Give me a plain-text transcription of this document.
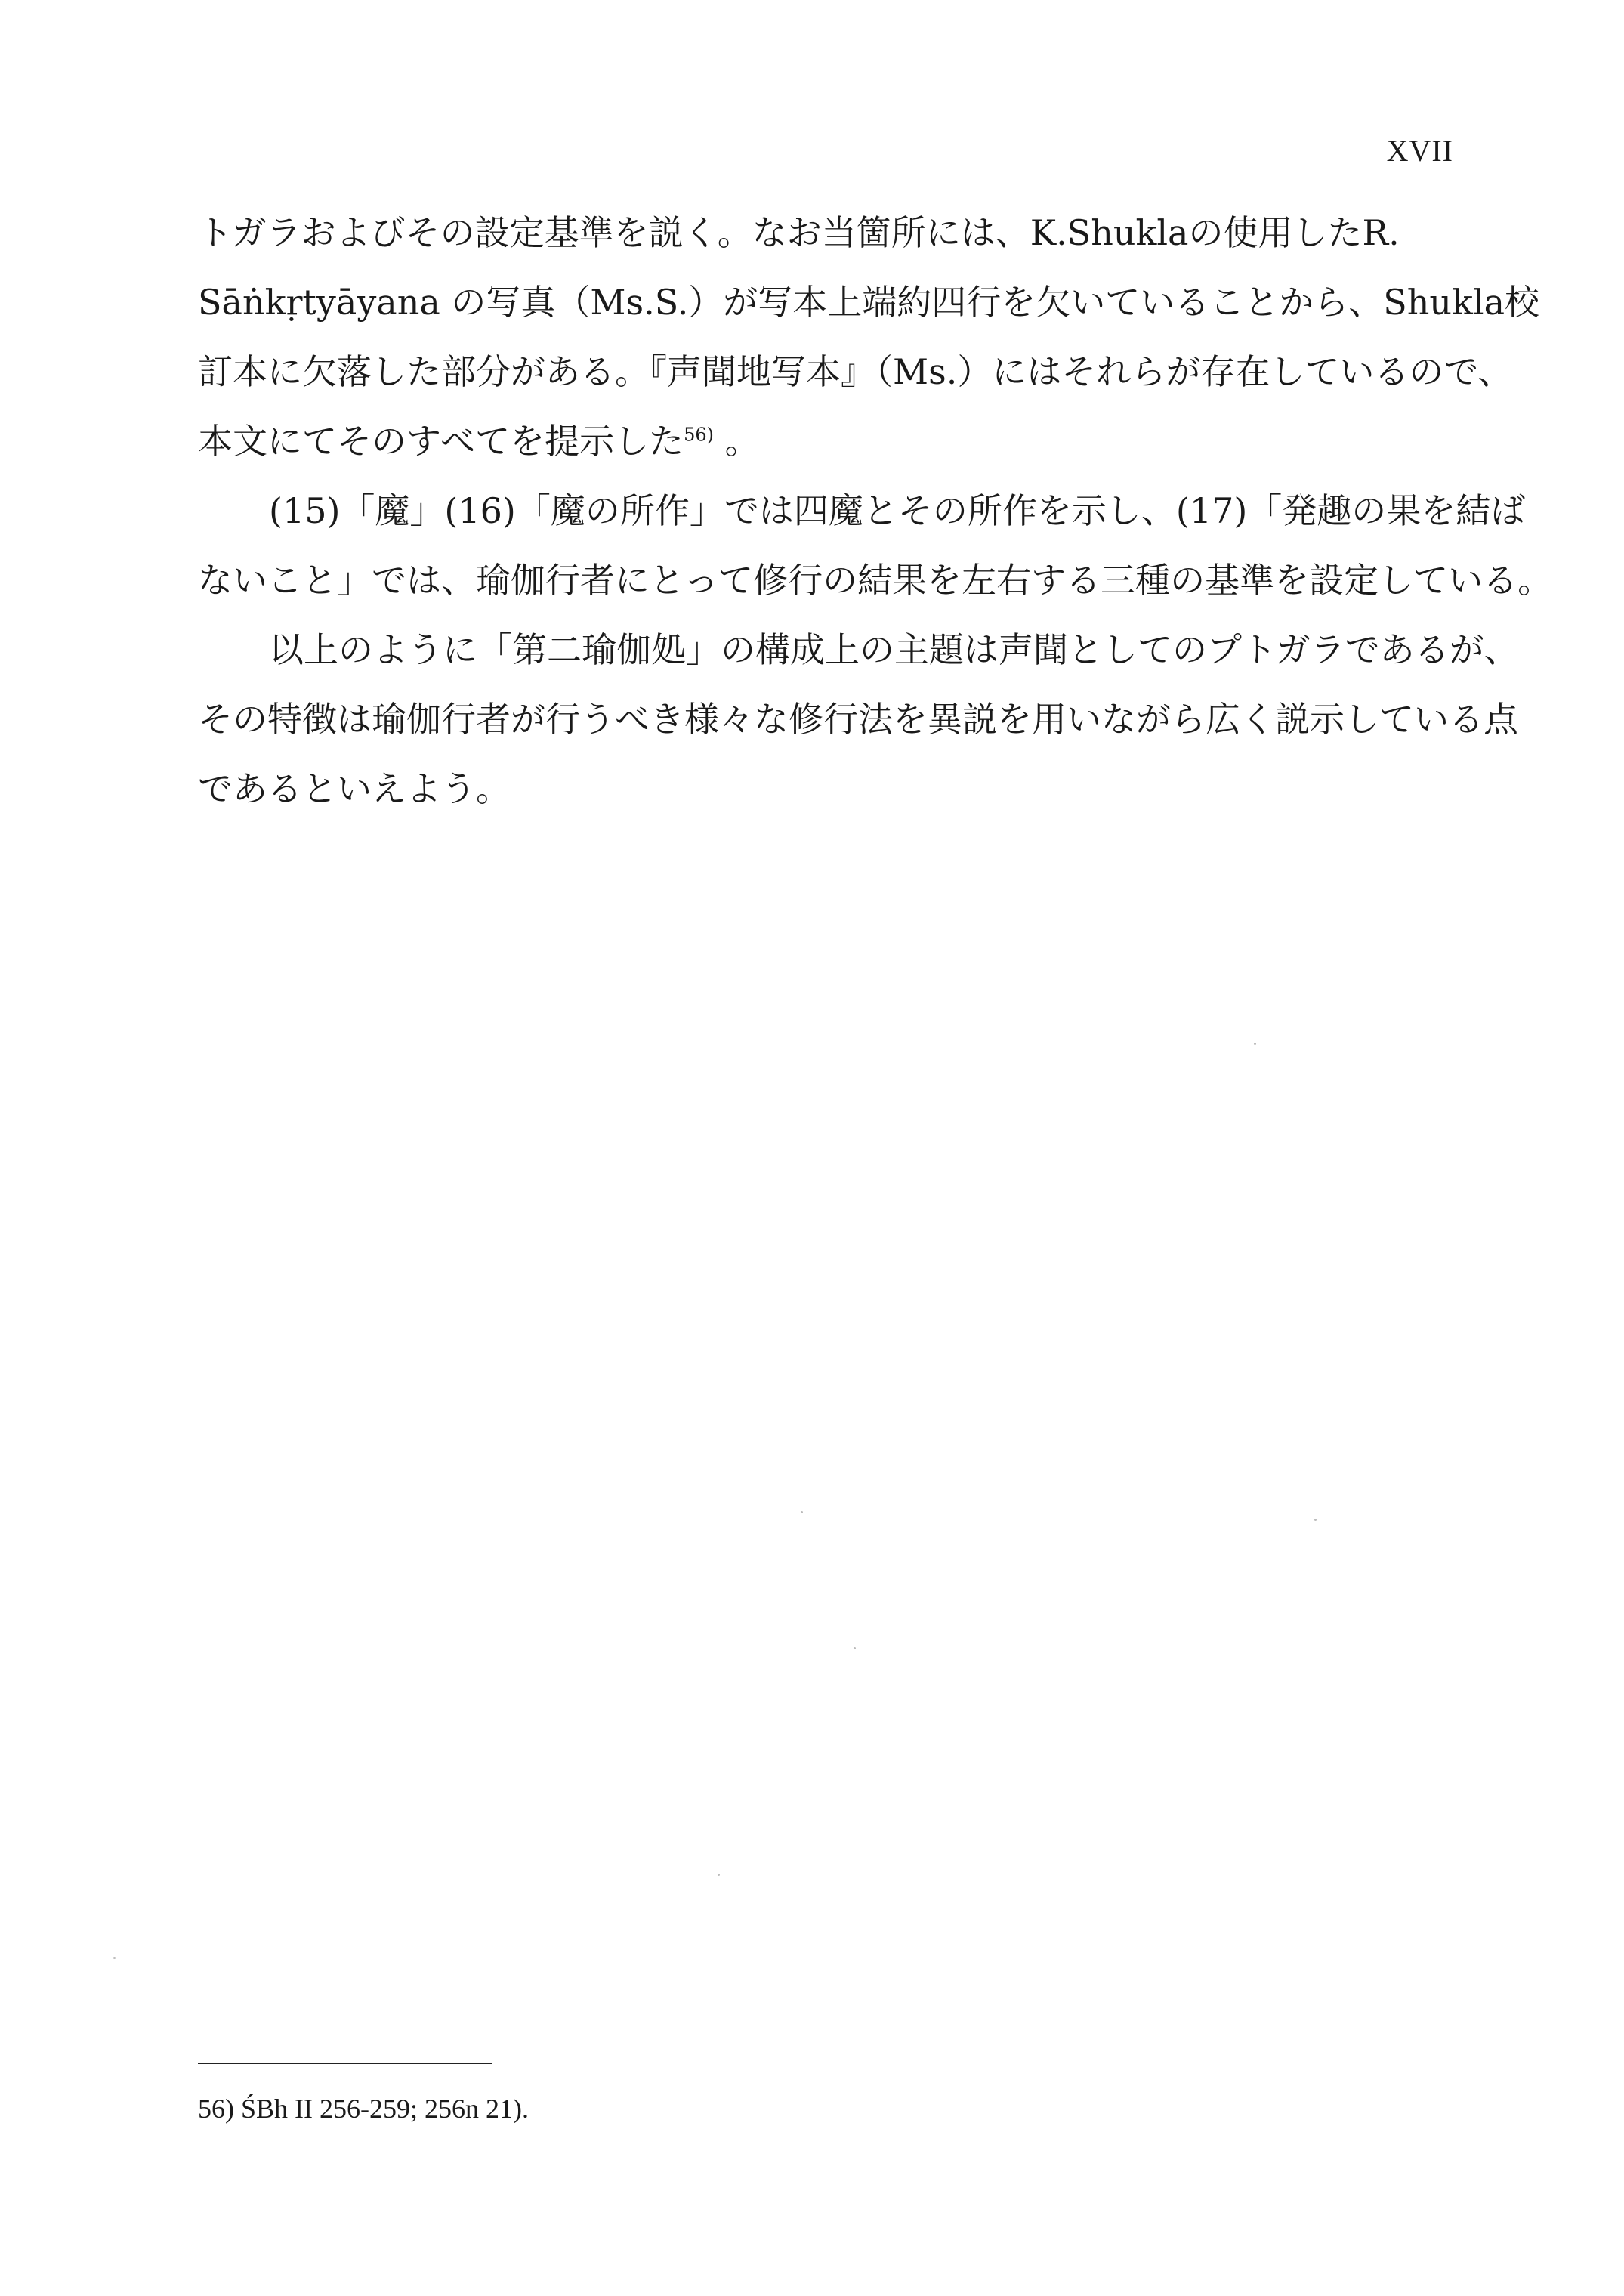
XVII
トガラおよびその設定基準を説く。なお当箇所には、K.Shuklaの使用したR.
Sāṅkṛtyāyana の写真（Ms.S.）が写本上端約四行を欠いていることから、Shukla校
訂本に欠落した部分がある。『声聞地写本』（Ms.）にはそれらが存在しているので、
本文にてそのすべてを提示した$^{56)}$ 。
(15)「魔」(16)「魔の所作」では四魔とその所作を示し、(17)「発趣の果を結ば
ないこと」では、瑜伽行者にとって修行の結果を左右する三種の基準を設定している。
以上のように「第二瑜伽処」の構成上の主題は声聞としてのプトガラであるが、
その特徴は瑜伽行者が行うべき様々な修行法を異説を用いながら広く説示している点
であるといえよう。
56) ŚBh II 256-259; 256n 21).
